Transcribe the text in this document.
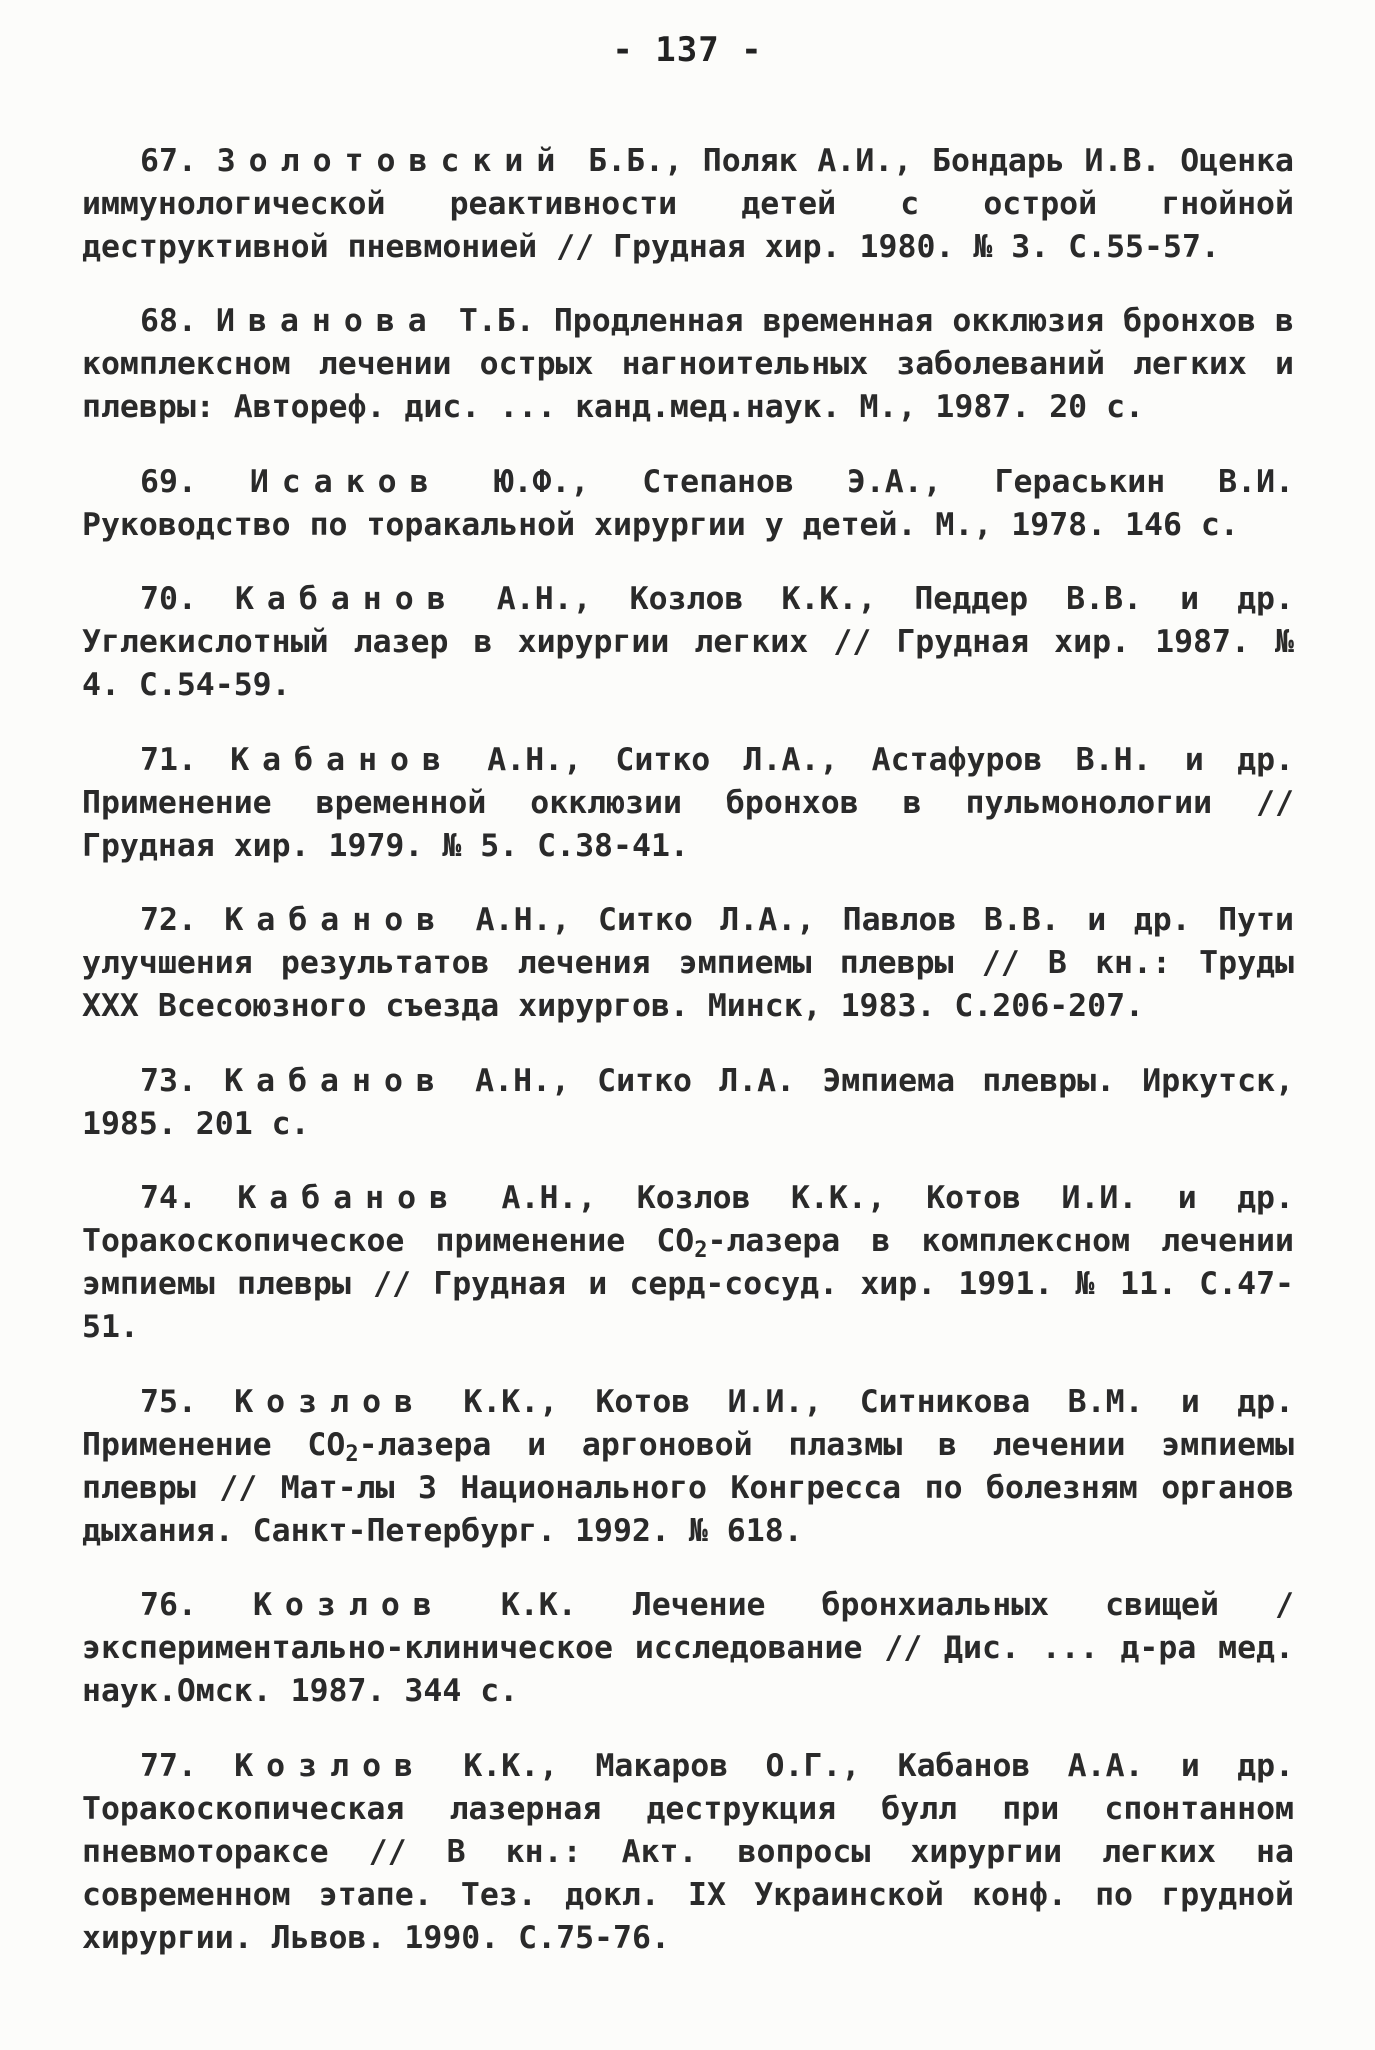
- 137 -

67. Золотовский Б.Б., Поляк А.И., Бондарь И.В. Оценка иммунологической реактивности детей с острой гнойной деструктивной пневмонией // Грудная хир. 1980. № 3. С.55-57.

68. Иванова Т.Б. Продленная временная окклюзия бронхов в комплексном лечении острых нагноительных заболеваний легких и плевры: Автореф. дис. ... канд.мед.наук. М., 1987. 20 с.

69. Исаков Ю.Ф., Степанов Э.А., Гераськин В.И. Руководство по торакальной хирургии у детей. М., 1978. 146 с.

70. Кабанов А.Н., Козлов К.К., Педдер В.В. и др. Углекислотный лазер в хирургии легких // Грудная хир. 1987. № 4. С.54-59.

71. Кабанов А.Н., Ситко Л.А., Астафуров В.Н. и др. Применение временной окклюзии бронхов в пульмонологии // Грудная хир. 1979. № 5. С.38-41.

72. Кабанов А.Н., Ситко Л.А., Павлов В.В. и др. Пути улучшения результатов лечения эмпиемы плевры // В кн.: Труды XXX Всесоюзного съезда хирургов. Минск, 1983. С.206-207.

73. Кабанов А.Н., Ситко Л.А. Эмпиема плевры. Иркутск, 1985. 201 с.

74. Кабанов А.Н., Козлов К.К., Котов И.И. и др. Торакоскопическое применение $СО_2$-лазера в комплексном лечении эмпиемы плевры // Грудная и серд-сосуд. хир. 1991. № 11. С.47-51.

75. Козлов К.К., Котов И.И., Ситникова В.М. и др. Применение $СО_2$-лазера и аргоновой плазмы в лечении эмпиемы плевры // Мат-лы 3 Национального Конгресса по болезням органов дыхания. Санкт-Петербург. 1992. № 618.

76. Козлов К.К. Лечение бронхиальных свищей /экспериментально-клиническое исследование // Дис. ... д-ра мед. наук.Омск. 1987. 344 с.

77. Козлов К.К., Макаров О.Г., Кабанов А.А. и др. Торакоскопическая лазерная деструкция булл при спонтанном пневмотораксе // В кн.: Акт. вопросы хирургии легких на современном этапе. Тез. докл. IX Украинской конф. по грудной хирургии. Львов. 1990. С.75-76.
